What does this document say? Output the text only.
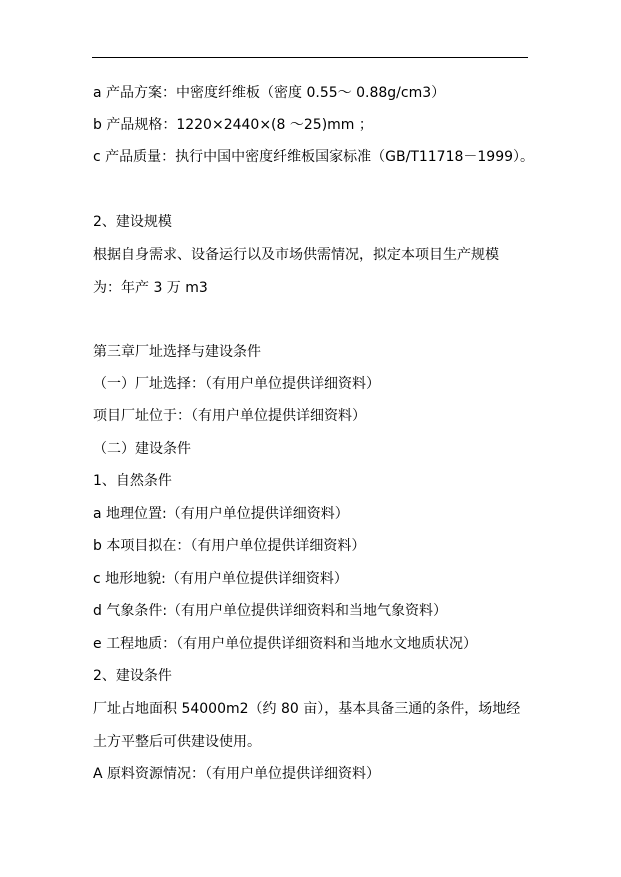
a 产品方案：中密度纤维板（密度 0.55～ 0.88g/cm3）
b 产品规格：1220×2440×(8 ～25)mm ；
c 产品质量：执行中国中密度纤维板国家标准（GB/T11718－1999）。
2、建设规模
根据自身需求、设备运行以及市场供需情况，拟定本项目生产规模
为：年产 3 万 m3
第三章厂址选择与建设条件
（一）厂址选择：（有用户单位提供详细资料）
项目厂址位于：（有用户单位提供详细资料）
（二）建设条件
1、自然条件
a 地理位置:（有用户单位提供详细资料）
b 本项目拟在：（有用户单位提供详细资料）
c 地形地貌:（有用户单位提供详细资料）
d 气象条件:（有用户单位提供详细资料和当地气象资料）
e 工程地质：（有用户单位提供详细资料和当地水文地质状况）
2、建设条件
厂址占地面积 54000m2（约 80 亩），基本具备三通的条件，场地经
土方平整后可供建设使用。
A 原料资源情况：（有用户单位提供详细资料）
